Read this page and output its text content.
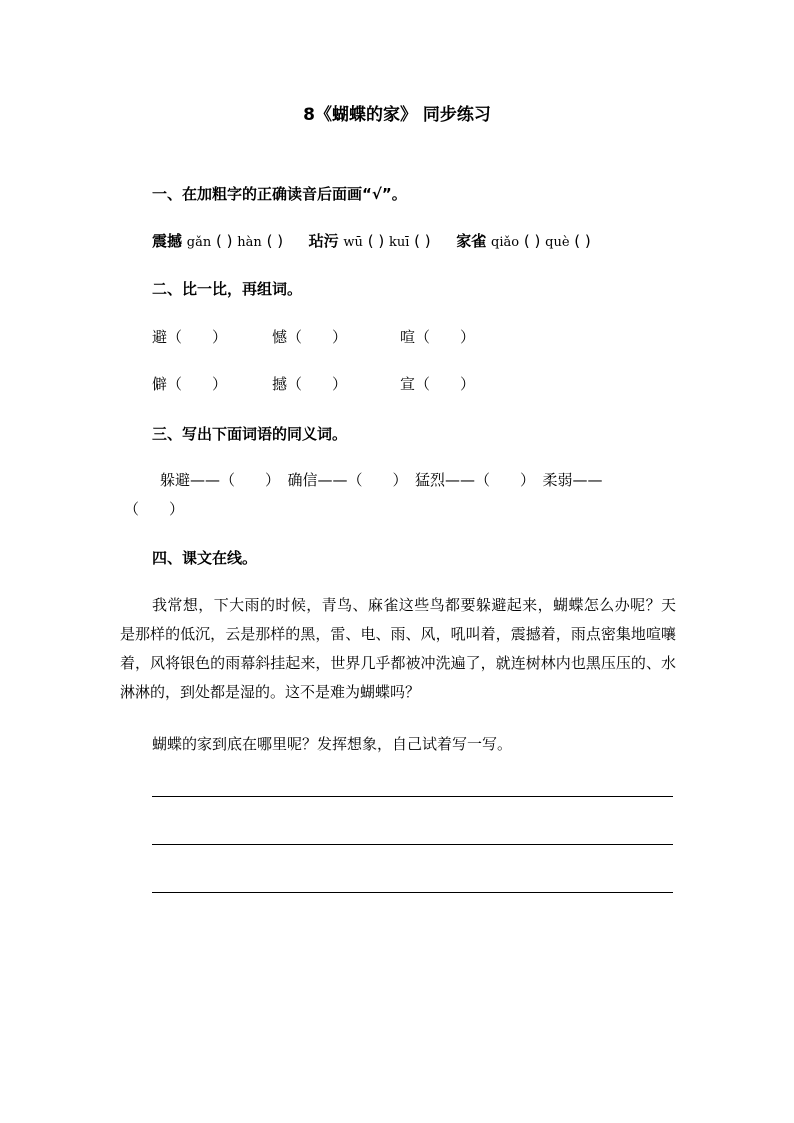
8《蝴蝶的家》 同步练习
一、在加粗字的正确读音后面画“√”。
震撼 gǎn ( ) hàn ( ) 玷污 wū ( ) kuī ( ) 家雀 qiǎo ( ) què ( )
二、比一比，再组词。
避（　　）	憾（　　）	喧（　　）
僻（　　）	撼（　　）	宣（　　）
三、写出下面词语的同义词。
躲避——（　　）　确信——（　　）　猛烈——（　　）　柔弱——
（　　）
四、课文在线。
我常想，下大雨的时候，青鸟、麻雀这些鸟都要躲避起来，蝴蝶怎么办呢？天是那样的低沉，云是那样的黑，雷、电、雨、风，吼叫着，震撼着，雨点密集地喧嚷着，风将银色的雨幕斜挂起来，世界几乎都被冲洗遍了，就连树林内也黑压压的、水淋淋的，到处都是湿的。这不是难为蝴蝶吗？
蝴蝶的家到底在哪里呢？发挥想象，自己试着写一写。
